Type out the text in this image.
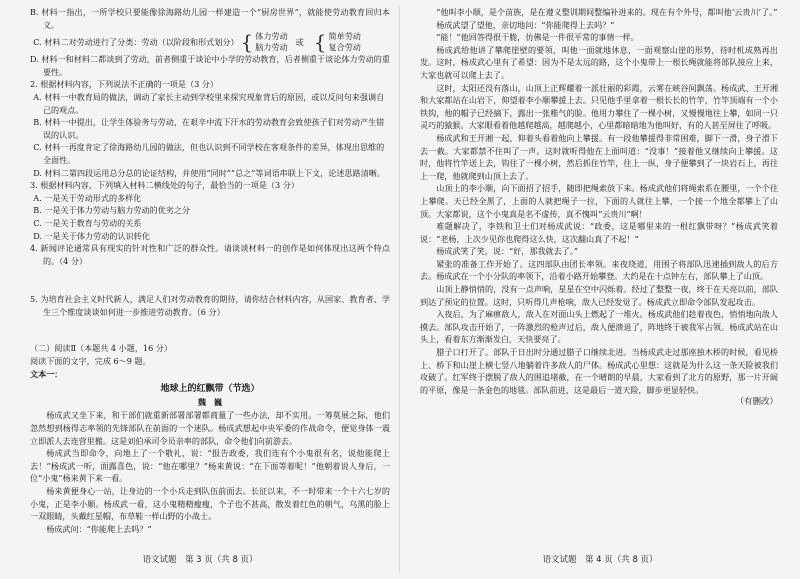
B. 材料一指出，一所学校只要能像徐海路幼儿园一样建造一个“厨房世界”，就能使劳动教育回归本义。

C. 材料二对劳动进行了分类：劳动（以阶段和形式划分） { 体力劳动
脑力劳动
或 { 简单劳动
复合劳动

D. 材料一和材料二都谈到了劳动，前者侧重于谈论中小学的劳动教育，后者侧重于谈论体力劳动的重要性。

2. 根据材料内容，下列说法不正确的一项是（3 分）

A. 材料一中教育局的做法，调动了家长主动到学校里来探究现象背后的原因，或以反问句来强调自己的观点。

B. 材料一中提出，让学生体验务与劳动，在艰辛中流下汗水的劳动教育会致使孩子们对劳动产生错误的认识。

C. 材料一再度肯定了徐海路幼儿园的做法，但也认识到不同学校在客观条件的差异，体现出思维的全面性。

D. 材料二第四段运用总分总的论证结构，并使用“同时”“总之”等词语串联上下文，论述思路清晰。

3. 根据材料内容，下列填入材料二横线处的句子，最恰当的一项是（3 分）

A. 一是关于劳动形式的多样化

B. 一是关于体力劳动与脑力劳动的优劣之分

C. 一是关于教育与劳动的关系

D. 一是关于体力劳动的认识转化

4. 新闻评论通常具有现实的针对性和广泛的群众性。请谈谈材料一的创作是如何体现出这两个特点的。（4 分）

5. 为培育社会主义时代新人，满足人们对劳动教育的期待，请你结合材料内容，从国家、教育者、学生三个维度谈谈如何进一步推进劳动教育。（6 分）

（二）阅读Ⅱ（本题共 4 小题，16 分）

阅读下面的文字，完成 6～9 题。

文本一：

地球上的红飘带（节选）

魏　巍

杨成武又坐下来，和干部们就重新部署部署都商量了一些办法，却不实用。一筹莫展之际，他们忽然想到杨得志率领的先锋部队在前面的一个迷队。杨成武想起中央军委的作战命令，便觉身体一震立即派人去连营里搬。这是刘伯承司令员亲率的部队，命令他们向前游去。

杨成武当即命令，向地上了一个敬礼，说：“报告政委，我们连有个小鬼很有名，说他能爬上去！”杨成武一听，面露喜色，说：“他在哪里？”杨来黄说：“在下面等着呢！”他朝着说人身后，一位“小鬼”杨来黄下来一看。

杨来黄便身心一站，让身边的一个小兵走到队伍前面去。长征以来，不一时带来一个十六七岁的小鬼，正是李小顺。杨成武一看，这小鬼精精瘦瘦，个子也不甚高，散发着红色的朝气，乌黑的脸上一双眼睛，头戴红星帽，布草鞋一样山野的小战士。

杨成武问：“你能爬上去吗？”

语文试题　第 3 页（共 8 页）

“他叫李小顺，是个苗族，是在遵义整训期间整编补进来的。现在有个外号，都叫他‘云贵川’了。”

杨成武望了望他，亲切地问：“你能爬得上去吗？”

“能！”他回答得很干脆，仿佛是一件很平常的事情一样。

杨成武给他讲了攀爬崖壁的要领，叫他一面就地休息，一面观察山崖的形势，待时机成熟再出发。这时，杨成武心里有了希望：因为不是太远的路，这个小鬼带上一根长绳就能将部队接应上来，大家也就可以爬上去了。

这时，太阳还没有落山，山顶上正辉耀着一派壮丽的彩霞，云雾在峡谷间飘荡。杨成武、王开湘和大家都站在山岩下，仰望着李小顺攀援上去。只见他手里拿着一根长长的竹竿，竹竿顶端有一个小铁钩，他的帽子已经摘下，露出一张稚气的脸。他用力攀住了一棵小树，又慢慢地往上攀，如同一只灵巧的猿猴。大家眼看着他越爬越高，越爬越小，心里都暗暗地为他叫好，有的人甚至屏住了呼吸。

杨成武和王开湘一起，仰着头看着他向上攀援。有一段他攀援得非常困难，脚下一滑，身子滑下去一截。大家都禁不住叫了一声。这时就听得他在上面叫道：“没事！”接着他又继续向上攀援。这时，他将竹竿送上去，钩住了一棵小树，然后抓住竹竿，往上一纵，身子便攀到了一块岩石上，再往上一爬，他就爬到山顶上去了。

山顶上的李小顺，向下面招了招手，随即把绳索放下来。杨成武他们将绳索系在腰里，一个个往上攀爬。天已经全黑了，上面的人就把绳子一拉，下面的人就往上攀，一个接一个地全都攀上了山顶。大家都说，这个小鬼真是名不虚传，真不愧叫“云贵川”啊！

难题解决了，李铁和卫士们对杨成武说：“政委，这是哪里来的一根红飘带呀？”杨成武笑着说：“老杨，上次少见你也爬得这么快，这次翻山真了不起！”

杨成武笑了笑，说：“好，那我就去了。”

紧张的准备工作开始了。这四部队由团长率领。来夜绕道，用围子将部队迅速插到敌人的后方去。杨成武在一个小分队的率领下，沿着小路开始攀登。大约是在十点钟左右，部队攀上了山顶。

山顶上静悄悄的，没有一点声响，星星在空中闪烁着。经过了整整一夜，终于在天亮以前，部队到达了预定的位置。这时，只听得几声枪响，敌人已经发觉了。杨成武立即命令部队发起攻击。

入夜后，为了麻痹敌人，敌人在对面山头上燃起了一堆火。杨成武他们趁着夜色，悄悄地向敌人摸去。部队攻击开始了，一阵激烈的枪声过后，敌人便溃退了，阵地终于被我军占领。杨成武站在山头上，看着东方渐渐发白，天快要亮了。

腊子口打开了。部队于日出时分通过腊子口继续北进。当杨成武走过那座独木桥的时候，看见桥上、桥下和山崖上横七竖八地躺着许多敌人的尸体。杨成武心里想：这就是为什么这一条天险被我们攻破了。红军终于摆脱了敌人的围追堵截，在一个晴朗的早晨，大家看到了北方的原野，那一片开阔的平原，像是一条金色的地毯。部队前进，这是最后一道天险，脚步更显轻快。

（有删改）

语文试题　第 4 页（共 8 页）
